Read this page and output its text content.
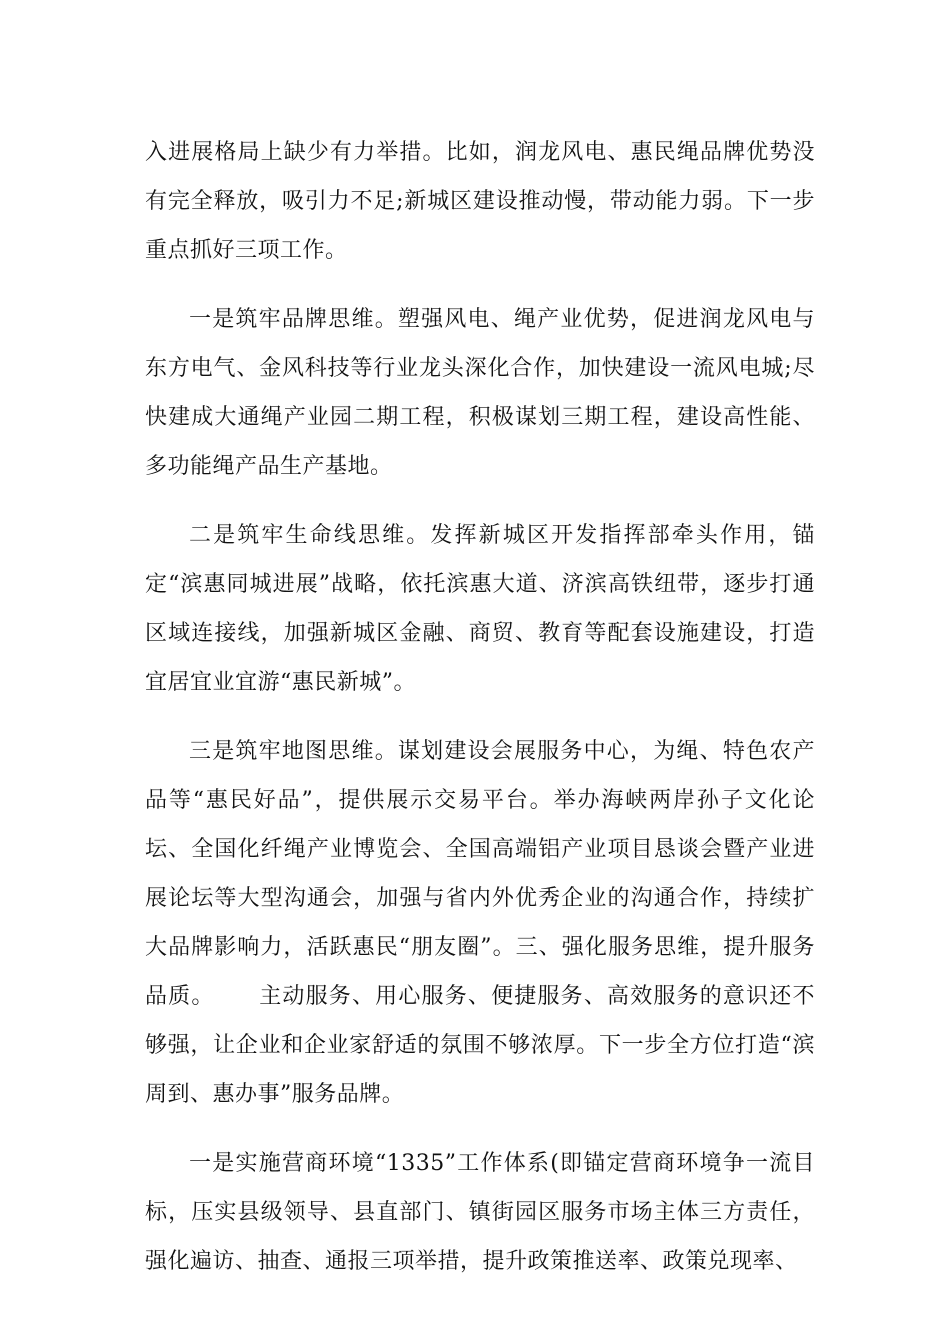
入进展格局上缺少有力举措。比如，润龙风电、惠民绳品牌优势没有完全释放，吸引力不足;新城区建设推动慢，带动能力弱。下一步重点抓好三项工作。

一是筑牢品牌思维。塑强风电、绳产业优势，促进润龙风电与东方电气、金风科技等行业龙头深化合作，加快建设一流风电城;尽快建成大通绳产业园二期工程，积极谋划三期工程，建设高性能、多功能绳产品生产基地。

二是筑牢生命线思维。发挥新城区开发指挥部牵头作用，锚定“滨惠同城进展”战略，依托滨惠大道、济滨高铁纽带，逐步打通区域连接线，加强新城区金融、商贸、教育等配套设施建设，打造宜居宜业宜游“惠民新城”。

三是筑牢地图思维。谋划建设会展服务中心，为绳、特色农产品等“惠民好品”，提供展示交易平台。举办海峡两岸孙子文化论坛、全国化纤绳产业博览会、全国高端铝产业项目恳谈会暨产业进展论坛等大型沟通会，加强与省内外优秀企业的沟通合作，持续扩大品牌影响力，活跃惠民“朋友圈”。三、强化服务思维，提升服务品质。 主动服务、用心服务、便捷服务、高效服务的意识还不够强，让企业和企业家舒适的氛围不够浓厚。下一步全方位打造“滨周到、惠办事”服务品牌。

一是实施营商环境“1335”工作体系(即锚定营商环境争一流目标，压实县级领导、县直部门、镇街园区服务市场主体三方责任，强化遍访、抽查、通报三项举措，提升政策推送率、政策兑现率、
